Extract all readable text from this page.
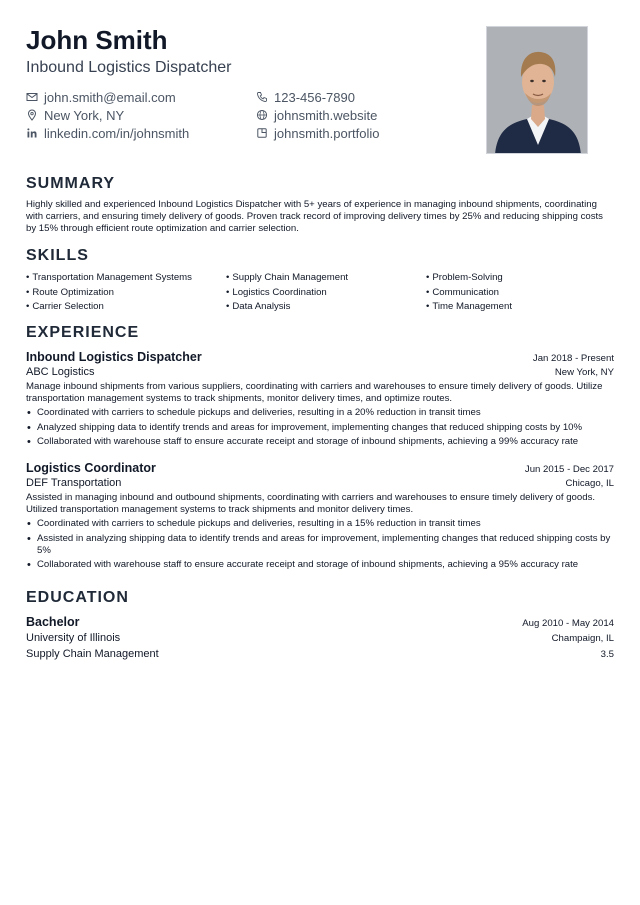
John Smith
Inbound Logistics Dispatcher
john.smith@email.com	123-456-7890
New York, NY	johnsmith.website
linkedin.com/in/johnsmith	johnsmith.portfolio
SUMMARY
Highly skilled and experienced Inbound Logistics Dispatcher with 5+ years of experience in managing inbound shipments, coordinating with carriers, and ensuring timely delivery of goods. Proven track record of improving delivery times by 25% and reducing shipping costs by 15% through efficient route optimization and carrier selection.
SKILLS
• Transportation Management Systems	• Supply Chain Management	• Problem-Solving
• Route Optimization	• Logistics Coordination	• Communication
• Carrier Selection	• Data Analysis	• Time Management
EXPERIENCE
Inbound Logistics Dispatcher	Jan 2018 - Present
ABC Logistics	New York, NY
Manage inbound shipments from various suppliers, coordinating with carriers and warehouses to ensure timely delivery of goods. Utilize transportation management systems to track shipments, monitor delivery times, and optimize routes.
• Coordinated with carriers to schedule pickups and deliveries, resulting in a 20% reduction in transit times
• Analyzed shipping data to identify trends and areas for improvement, implementing changes that reduced shipping costs by 10%
• Collaborated with warehouse staff to ensure accurate receipt and storage of inbound shipments, achieving a 99% accuracy rate
Logistics Coordinator	Jun 2015 - Dec 2017
DEF Transportation	Chicago, IL
Assisted in managing inbound and outbound shipments, coordinating with carriers and warehouses to ensure timely delivery of goods. Utilized transportation management systems to track shipments and monitor delivery times.
• Coordinated with carriers to schedule pickups and deliveries, resulting in a 15% reduction in transit times
• Assisted in analyzing shipping data to identify trends and areas for improvement, implementing changes that reduced shipping costs by 5%
• Collaborated with warehouse staff to ensure accurate receipt and storage of inbound shipments, achieving a 95% accuracy rate
EDUCATION
Bachelor	Aug 2010 - May 2014
University of Illinois	Champaign, IL
Supply Chain Management	3.5
